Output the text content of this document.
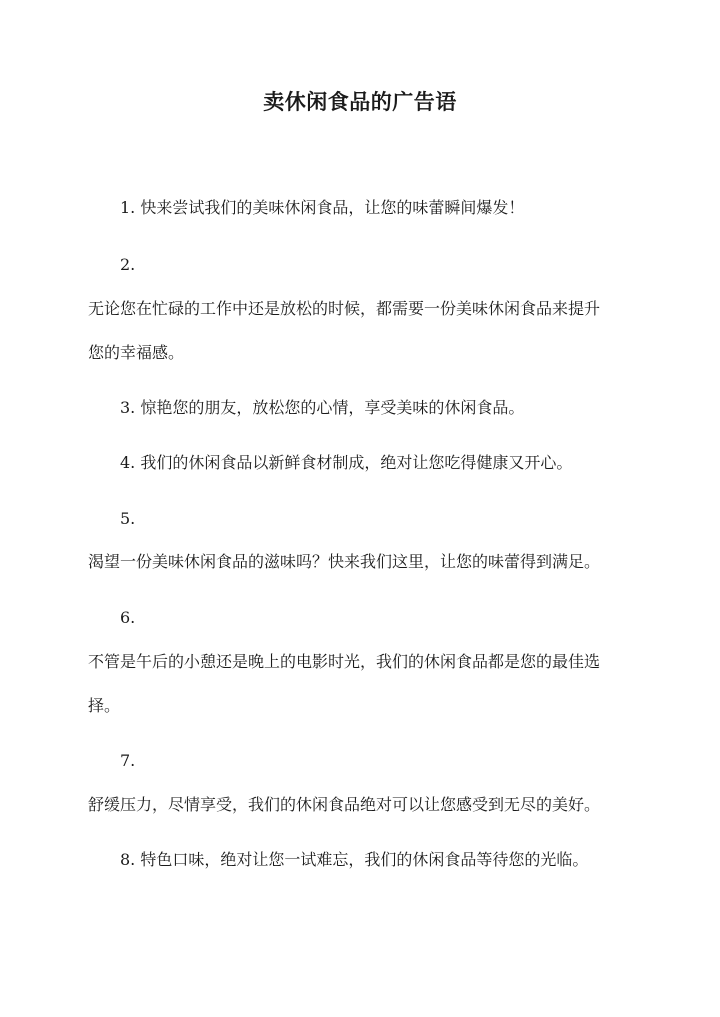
卖休闲食品的广告语
1. 快来尝试我们的美味休闲食品，让您的味蕾瞬间爆发！
2.
无论您在忙碌的工作中还是放松的时候，都需要一份美味休闲食品来提升
您的幸福感。
3. 惊艳您的朋友，放松您的心情，享受美味的休闲食品。
4. 我们的休闲食品以新鲜食材制成，绝对让您吃得健康又开心。
5.
渴望一份美味休闲食品的滋味吗？快来我们这里，让您的味蕾得到满足。
6.
不管是午后的小憩还是晚上的电影时光，我们的休闲食品都是您的最佳选
择。
7.
舒缓压力，尽情享受，我们的休闲食品绝对可以让您感受到无尽的美好。
8. 特色口味，绝对让您一试难忘，我们的休闲食品等待您的光临。
